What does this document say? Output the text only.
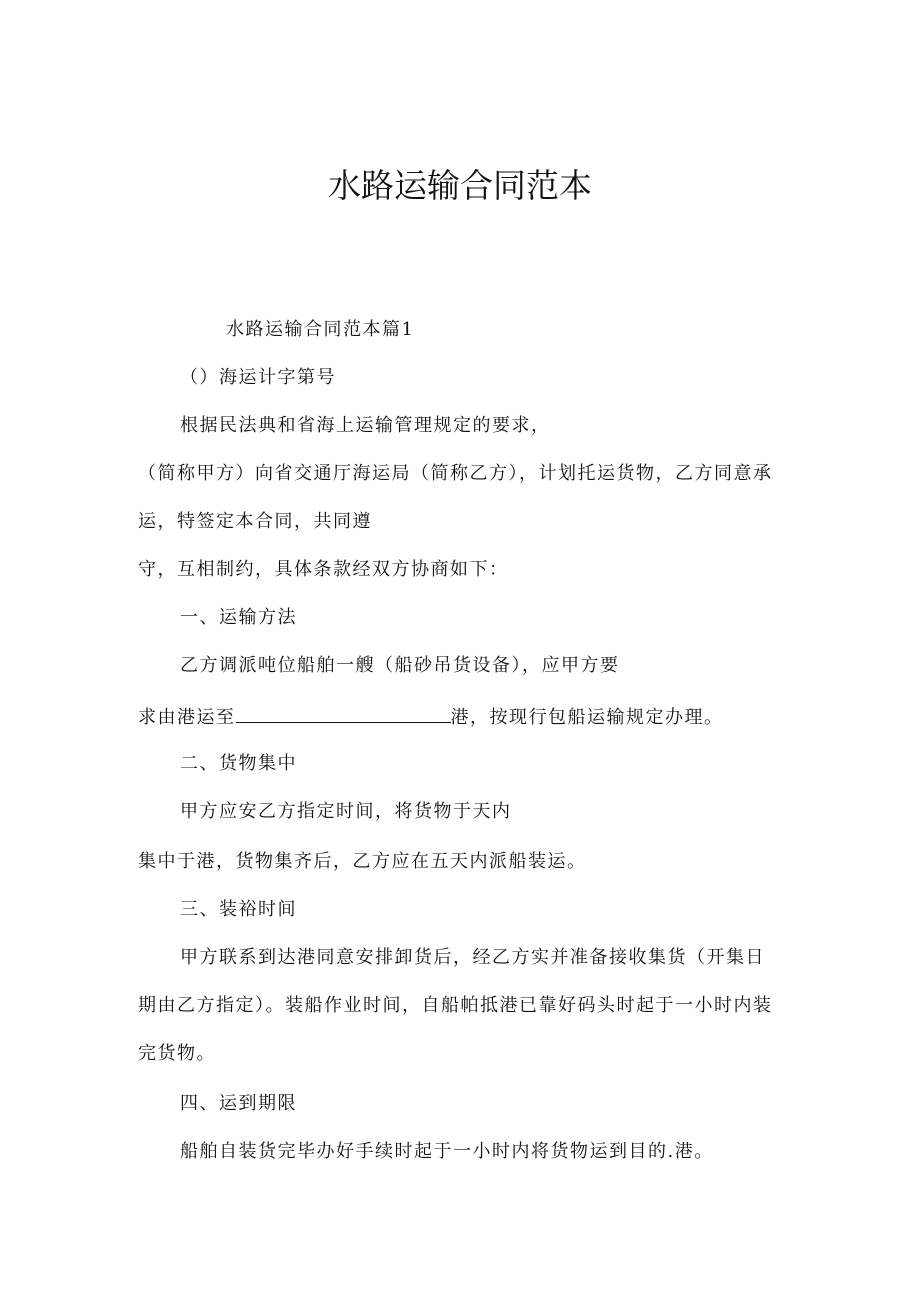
水路运输合同范本

水路运输合同范本篇1

（）海运计字第号

根据民法典和省海上运输管理规定的要求，

（简称甲方）向省交通厅海运局（简称乙方），计划托运货物，乙方同意承

运，特签定本合同，共同遵

守，互相制约，具体条款经双方协商如下：

一、运输方法

乙方调派吨位船舶一艘（船砂吊货设备），应甲方要

求由港运至	港，按现行包船运输规定办理。

二、货物集中

甲方应安乙方指定时间，将货物于天内

集中于港，货物集齐后，乙方应在五天内派船装运。

三、装裕时间

甲方联系到达港同意安排卸货后，经乙方实并准备接收集货（开集日

期由乙方指定）。装船作业时间，自船帕抵港已靠好码头时起于一小时内装

完货物。

四、运到期限

船舶自装货完毕办好手续时起于一小时内将货物运到目的.港。
